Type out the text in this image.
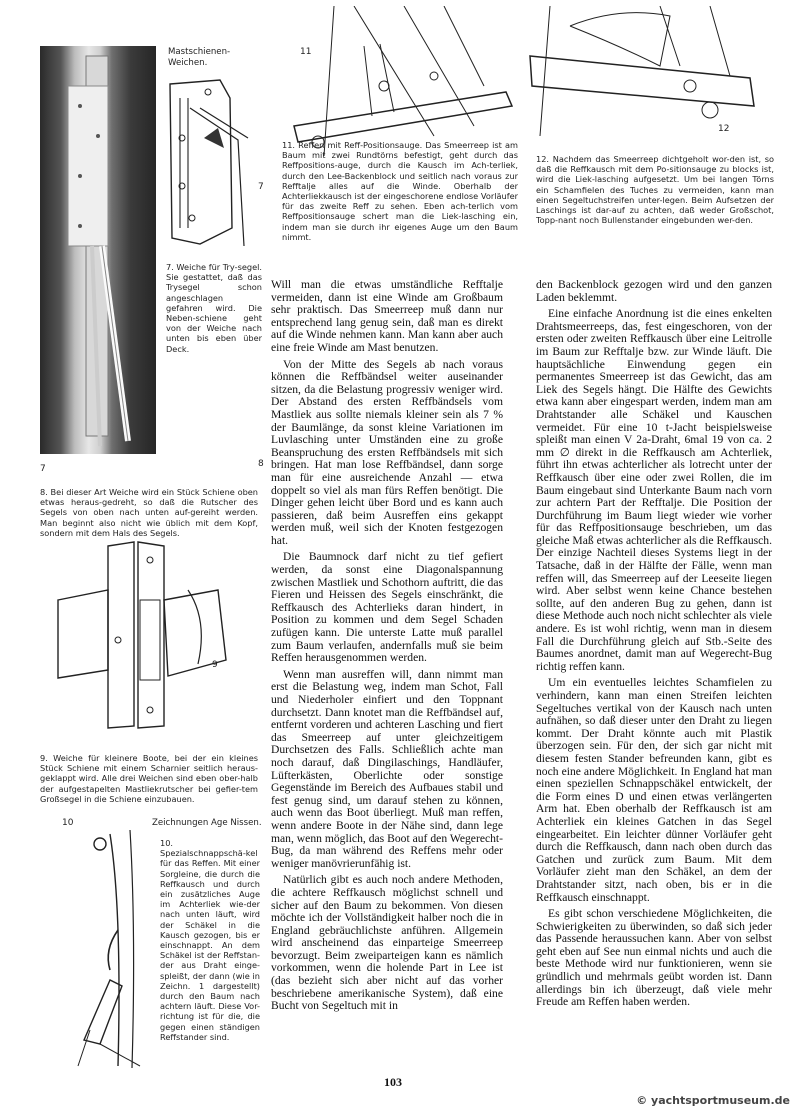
7
Mastschienen-Weichen.
7
7. Weiche für Try-segel. Sie gestattet, daß das Trysegel schon angeschlagen gefahren wird. Die Neben-schiene geht von der Weiche nach unten bis eben über Deck.
8. Bei dieser Art Weiche wird ein Stück Schiene oben etwas heraus-gedreht, so daß die Rutscher des Segels von oben nach unten auf-gereiht werden. Man beginnt also nicht wie üblich mit dem Kopf, sondern mit dem Hals des Segels.
9
9. Weiche für kleinere Boote, bei der ein kleines Stück Schiene mit einem Scharnier seitlich heraus-geklappt wird. Alle drei Weichen sind eben ober-halb der aufgestapelten Mastliekrutscher bei gefier-tem Großsegel in die Schiene einzubauen.
10	Zeichnungen Age Nissen.
10. Spezialschnappschä-kel für das Reffen. Mit einer Sorgleine, die durch die Reffkausch und durch ein zusätzliches Auge im Achterliek wie-der nach unten läuft, wird der Schäkel in die Kausch gezogen, bis er einschnappt. An dem Schäkel ist der Reffstan-der aus Draht einge-spleißt, der dann (wie in Zeichn. 1 dargestellt) durch den Baum nach achtern läuft. Diese Vor-richtung ist für die, die gegen einen ständigen Reffstander sind.
11
11. Reffen mit Reff-Positionsauge. Das Smeerreep ist am Baum mit zwei Rundtörns befestigt, geht durch das Reffpositions-auge, durch die Kausch im Ach-terliek, durch den Lee-Backenblock und seitlich nach voraus zur Refftalje alles auf die Winde. Oberhalb der Achterliekkausch ist der eingeschorene endlose Vorläufer für das zweite Reff zu sehen. Eben ach-terlich vom Reffpositionsauge schert man die Liek-lasching ein, indem man sie durch ihr eigenes Auge um den Baum nimmt.
12
12. Nachdem das Smeerreep dichtgeholt wor-den ist, so daß die Reffkausch mit dem Po-sitionsauge zu blocks ist, wird die Liek-lasching aufgesetzt. Um bei langen Törns ein Schamfielen des Tuches zu vermeiden, kann man einen Segeltuchstreifen unter-legen. Beim Aufsetzen der Laschings ist dar-auf zu achten, daß weder Großschot, Topp-nant noch Bullenstander eingebunden wer-den.
8

Will man die etwas umständliche Refftalje vermeiden, dann ist eine Winde am Großbaum sehr praktisch. Das Smeerreep muß dann nur entsprechend lang genug sein, daß man es direkt auf die Winde nehmen kann. Man kann aber auch eine freie Winde am Mast benutzen.

Von der Mitte des Segels ab nach voraus können die Reffbändsel weiter auseinander sitzen, da die Belastung progressiv weniger wird. Der Abstand des ersten Reffbändsels vom Mastliek aus sollte niemals kleiner sein als 7 % der Baumlänge, da sonst kleine Variationen im Luvlasching unter Umständen eine zu große Beanspruchung des ersten Reffbändsels mit sich bringen. Hat man lose Reffbändsel, dann sorge man für eine ausreichende Anzahl — etwa doppelt so viel als man fürs Reffen benötigt. Die Dinger gehen leicht über Bord und es kann auch passieren, daß beim Ausreffen eins gekappt werden muß, weil sich der Knoten festgezogen hat.

Die Baumnock darf nicht zu tief gefiert werden, da sonst eine Diagonalspannung zwischen Mastliek und Schothorn auftritt, die das Fieren und Heissen des Segels einschränkt, die Reffkausch des Achterlieks daran hindert, in Position zu kommen und dem Segel Schaden zufügen kann. Die unterste Latte muß parallel zum Baum verlaufen, andernfalls muß sie beim Reffen herausgenommen werden.

Wenn man ausreffen will, dann nimmt man erst die Belastung weg, indem man Schot, Fall und Niederholer einfiert und den Toppnant durchsetzt. Dann knotet man die Reffbändsel auf, entfernt vorderen und achteren Lasching und fiert das Smeerreep auf unter gleichzeitigem Durchsetzen des Falls. Schließlich achte man noch darauf, daß Dingilaschings, Handläufer, Lüfterkästen, Oberlichte oder sonstige Gegenstände im Bereich des Aufbaues stabil und fest genug sind, um darauf stehen zu können, auch wenn das Boot überliegt. Muß man reffen, wenn andere Boote in der Nähe sind, dann lege man, wenn möglich, das Boot auf den Wegerecht-Bug, da man während des Reffens mehr oder weniger manövrierunfähig ist.

Natürlich gibt es auch noch andere Methoden, die achtere Reffkausch möglichst schnell und sicher auf den Baum zu bekommen. Von diesen möchte ich der Vollständigkeit halber noch die in England gebräuchlichste anführen. Allgemein wird anscheinend das einparteige Smeerreep bevorzugt. Beim zweiparteigen kann es nämlich vorkommen, wenn die holende Part in Lee ist (das bezieht sich aber nicht auf das vorher beschriebene amerikanische System), daß eine Bucht von Segeltuch mit in

den Backenblock gezogen wird und den ganzen Laden beklemmt.

Eine einfache Anordnung ist die eines enkelten Drahtsmeerreeps, das, fest eingeschoren, von der ersten oder zweiten Reffkausch über eine Leitrolle im Baum zur Refftalje bzw. zur Winde läuft. Die hauptsächliche Einwendung gegen ein permanentes Smeerreep ist das Gewicht, das am Liek des Segels hängt. Die Hälfte des Gewichts etwa kann aber eingespart werden, indem man am Drahtstander alle Schäkel und Kauschen vermeidet. Für eine 10 t-Jacht beispielsweise spleißt man einen V 2a-Draht, 6mal 19 von ca. 2 mm ∅ direkt in die Reffkausch am Achterliek, führt ihn etwas achterlicher als lotrecht unter der Reffkausch über eine oder zwei Rollen, die im Baum eingebaut sind Unterkante Baum nach vorn zur achtern Part der Refftalje. Die Position der Durchführung im Baum liegt wieder wie vorher für das Reffpositionsauge beschrieben, um das gleiche Maß etwas achterlicher als die Reffkausch. Der einzige Nachteil dieses Systems liegt in der Tatsache, daß in der Hälfte der Fälle, wenn man reffen will, das Smeerreep auf der Leeseite liegen wird. Aber selbst wenn keine Chance bestehen sollte, auf den anderen Bug zu gehen, dann ist diese Methode auch noch nicht schlechter als viele andere. Es ist wohl richtig, wenn man in diesem Fall die Durchführung gleich auf Stb.-Seite des Baumes anordnet, damit man auf Wegerecht-Bug richtig reffen kann.

Um ein eventuelles leichtes Schamfielen zu verhindern, kann man einen Streifen leichten Segeltuches vertikal von der Kausch nach unten aufnähen, so daß dieser unter den Draht zu liegen kommt. Der Draht könnte auch mit Plastik überzogen sein. Für den, der sich gar nicht mit diesem festen Stander befreunden kann, gibt es noch eine andere Möglichkeit. In England hat man einen speziellen Schnappschäkel entwickelt, der die Form eines D und einen etwas verlängerten Arm hat. Eben oberhalb der Reffkausch ist am Achterliek ein kleines Gatchen in das Segel eingearbeitet. Ein leichter dünner Vorläufer geht durch die Reffkausch, dann nach oben durch das Gatchen und zurück zum Baum. Mit dem Vorläufer zieht man den Schäkel, an dem der Drahtstander sitzt, nach oben, bis er in die Reffkausch einschnappt.

Es gibt schon verschiedene Möglichkeiten, die Schwierigkeiten zu überwinden, so daß sich jeder das Passende heraussuchen kann. Aber von selbst geht eben auf See nun einmal nichts und auch die beste Methode wird nur funktionieren, wenn sie gründlich und mehrmals geübt worden ist. Dann allerdings bin ich überzeugt, daß viele mehr Freude am Reffen haben werden.

103
© yachtsportmuseum.de
